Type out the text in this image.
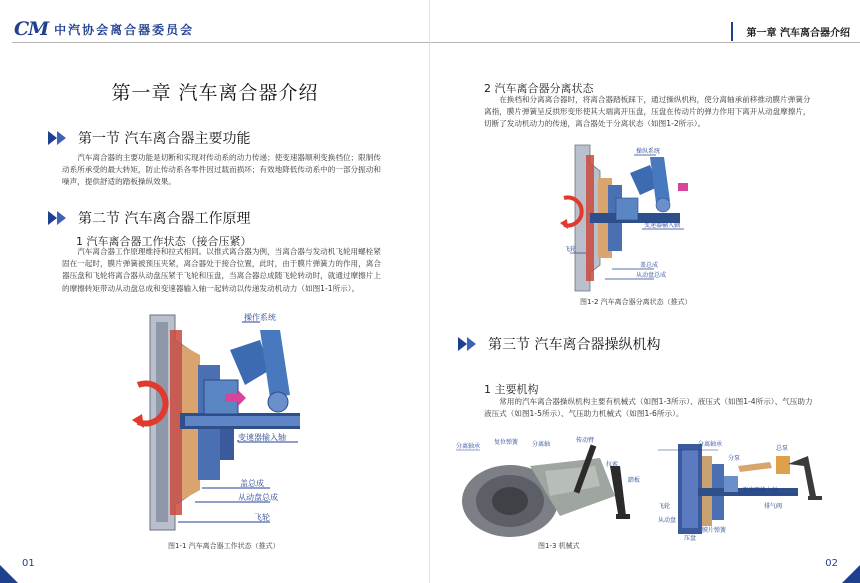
CM 中汽协会离合器委员会
第一章 汽车离合器介绍
第一节 汽车离合器主要功能
汽车离合器的主要功能是切断和实现对传动系的动力传递；使变速器顺利变换档位；限制传动系所承受的最大转矩，防止传动系各零件因过载而损坏；有效地降低传动系中的一部分振动和噪声，提供舒适的踏板操纵效果。
第二节 汽车离合器工作原理
1 汽车离合器工作状态（接合压紧）
汽车离合器工作原理维持和拉式相同。以推式离合器为例，当离合器与发动机飞轮用螺栓紧固在一起时，膜片弹簧被预压夹紧，离合器处于接合位置，此时，由于膜片弹簧力的作用，离合器压盘和飞轮将离合器从动盘压紧于飞轮和压盘，当离合器总成随飞轮转动时，就通过摩擦片上的摩擦转矩带动从动盘总成和变速器输入轴一起转动以传递发动机动力（如图1-1所示）。
操作系统
变速器输入轴
盖总成
从动盘总成
飞轮
图1-1 汽车离合器工作状态（推式）
01
第一章 汽车离合器介绍
2 汽车离合器分离状态
在换档和分离离合器时，将离合器踏板踩下，通过操纵机构，使分离轴承前移推动膜片弹簧分离指，膜片弹簧呈反拱形变形使其大端离开压盘，压盘在传动片的弹力作用下离开从动盘摩擦片，切断了发动机动力的传递，离合器处于分离状态（如图1-2所示）。
操纵系统
变速器输入轴
飞轮
盖总成
从动盘总成
图1-2 汽车离合器分离状态（推式）
第三节 汽车离合器操纵机构
1 主要机构
常用的汽车离合器操纵机构主要有机械式（如图1-3所示）、液压式（如图1-4所示）、气压助力液压式（如图1-5所示）、气压助力机械式（如图1-6所示）。
分离轴承
复位弹簧 分离轴
传动臂
拉索
踏板
图1-3 机械式
分离轴承
分泵
总泵
变速器输入轴
排气阀
飞轮
从动盘
膜片弹簧
压盘
02
